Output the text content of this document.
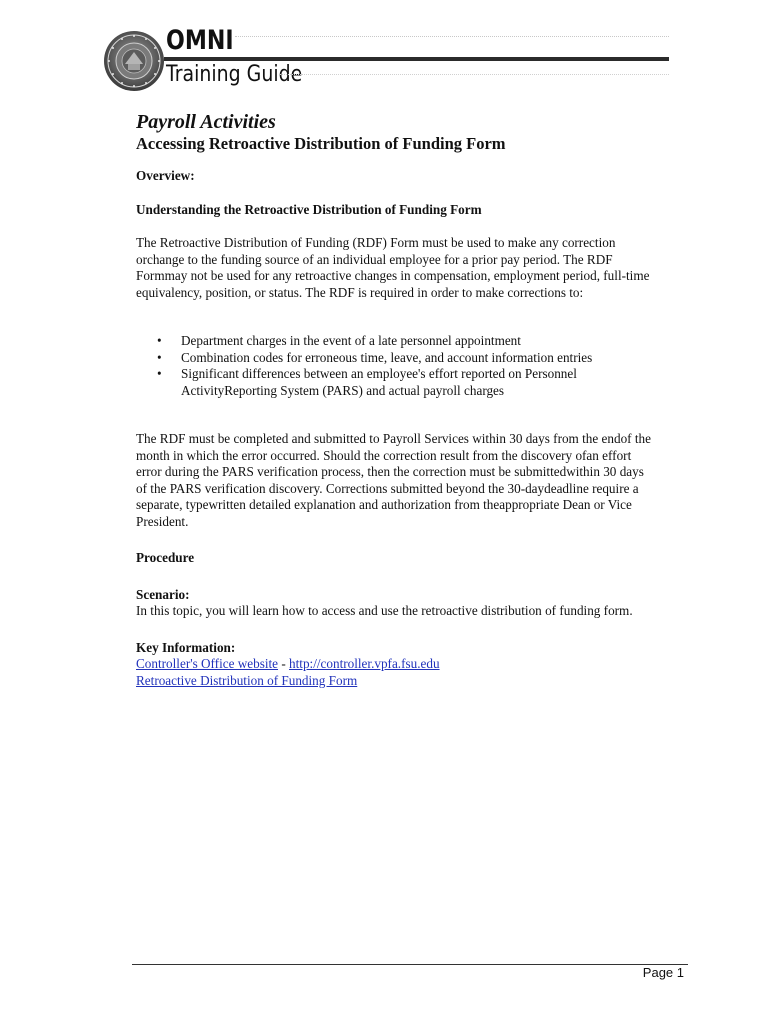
OMNI
Training Guide
Payroll Activities
Accessing Retroactive Distribution of Funding Form

Overview:

Understanding the Retroactive Distribution of Funding Form

The Retroactive Distribution of Funding (RDF) Form must be used to make any correction
orchange to the funding source of an individual employee for a prior pay period. The RDF
Formmay not be used for any retroactive changes in compensation, employment period, full-time
equivalency, position, or status. The RDF is required in order to make corrections to:
• Department charges in the event of a late personnel appointment
• Combination codes for erroneous time, leave, and account information entries
• Significant differences between an employee's effort reported on Personnel
ActivityReporting System (PARS) and actual payroll charges
The RDF must be completed and submitted to Payroll Services within 30 days from the endof the
month in which the error occurred. Should the correction result from the discovery ofan effort
error during the PARS verification process, then the correction must be submittedwithin 30 days
of the PARS verification discovery. Corrections submitted beyond the 30-daydeadline require a
separate, typewritten detailed explanation and authorization from theappropriate Dean or Vice
President.

Procedure

Scenario:

In this topic, you will learn how to access and use the retroactive distribution of funding form.

Key Information:

Controller's Office website - http://controller.vpfa.fsu.edu
Retroactive Distribution of Funding Form
Page 1
